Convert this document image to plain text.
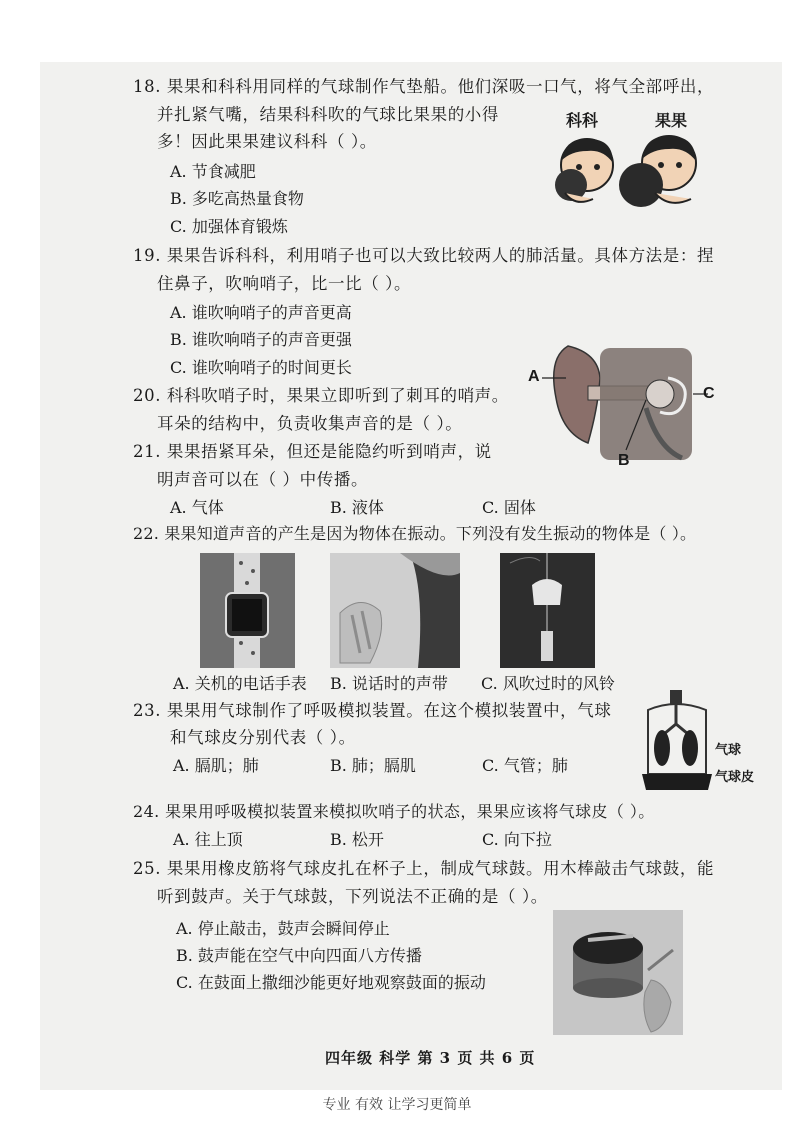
18. 果果和科科用同样的气球制作气垫船。他们深吸一口气，将气全部呼出，
并扎紧气嘴，结果科科吹的气球比果果的小得
多！因此果果建议科科（ ）。
A. 节食减肥
B. 多吃高热量食物
C. 加强体育锻炼
科科	果果
19. 果果告诉科科，利用哨子也可以大致比较两人的肺活量。具体方法是：捏
住鼻子，吹响哨子，比一比（ ）。
A. 谁吹响哨子的声音更高
B. 谁吹响哨子的声音更强
C. 谁吹响哨子的时间更长
20. 科科吹哨子时，果果立即听到了刺耳的哨声。
耳朵的结构中，负责收集声音的是（ ）。
A
B
C
21. 果果捂紧耳朵，但还是能隐约听到哨声，说
明声音可以在（ ）中传播。
A. 气体	B. 液体	C. 固体
22. 果果知道声音的产生是因为物体在振动。下列没有发生振动的物体是（ ）。
A. 关机的电话手表 B. 说话时的声带 C. 风吹过时的风铃
23. 果果用气球制作了呼吸模拟装置。在这个模拟装置中，气球
和气球皮分别代表（ ）。
A. 膈肌；肺	B. 肺；膈肌	C. 气管；肺
气球
气球皮
24. 果果用呼吸模拟装置来模拟吹哨子的状态，果果应该将气球皮（ ）。
A. 往上顶	B. 松开	C. 向下拉
25. 果果用橡皮筋将气球皮扎在杯子上，制成气球鼓。用木棒敲击气球鼓，能
听到鼓声。关于气球鼓，下列说法不正确的是（ ）。
A. 停止敲击，鼓声会瞬间停止
B. 鼓声能在空气中向四面八方传播
C. 在鼓面上撒细沙能更好地观察鼓面的振动
四年级 科学 第 3 页 共 6 页
专业 有效 让学习更简单
